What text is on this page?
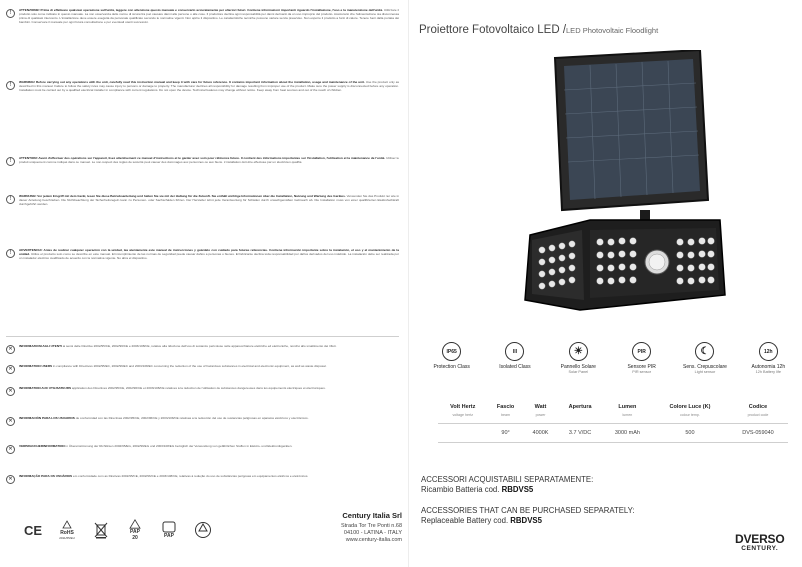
!	ATTENZIONE! Prima di effettuare qualsiasi operazione sull'unità, leggere con attenzione questo manuale e conservarlo accuratamente per ulteriori futuri. Contiene informazioni importanti riguardo l'installazione, l'uso e la manutenzione dell'unità. Utilizzare il prodotto solo come indicato in questo manuale. La non osservanza delle norme di sicurezza può causare danni alle persone o alle cose. Il produttore declina ogni responsabilità per danni derivanti da un uso improprio del prodotto. Assicurarsi che l'alimentazione sia disconnessa prima di qualsiasi intervento. L'installazione deve essere eseguita da personale qualificato secondo le normative vigenti. Non aprire il dispositivo. Le caratteristiche tecniche possono variare senza preavviso. Non esporre il prodotto a fonti di calore. Tenere fuori dalla portata dei bambini. Conservare il manuale per ogni futura consultazione e per eventuali utenti successivi.
!	WARNING! Before carrying out any operations with the unit, carefully read this instruction manual and keep it with care for future reference. It contains important information about the installation, usage and maintenance of the unit. Use the product only as described in this manual. Failure to follow the safety rules may cause injury to persons or damage to property. The manufacturer declines all responsibility for damage resulting from improper use of the product. Make sure the power supply is disconnected before any operation. Installation must be carried out by a qualified electrical installer in compliance with current regulations. Do not open the device. Technical features may change without notice. Keep away from heat sources and out of the reach of children.
!	ATTENTION! Avant d'effectuer des opérations sur l'appareil, lisez attentivement ce manuel d'instructions et le garder avec soin pour référence future. Il contient des informations importantes sur l'installation, l'utilisation et la maintenance de l'unité. Utiliser le produit uniquement comme indiqué dans ce manuel. Le non-respect des règles de sécurité peut causer des dommages aux personnes ou aux biens. L'installation doit être effectuée par un électricien qualifié.
!	WARNUNG! Vor jedem Eingriff mit dem Gerät, lesen Sie diese Betriebsanleitung und halten Sie sie mit der Haltung für die Zukunft. Sie enthält wichtige Informationen über die Installation, Nutzung und Wartung des Gerätes. Verwenden Sie das Produkt nur wie in dieser Anleitung beschrieben. Die Nichtbeachtung der Sicherheitsregeln kann zu Personen- oder Sachschäden führen. Der Hersteller lehnt jede Verantwortung für Schäden durch unsachgemäßen Gebrauch ab. Die Installation muss von einer qualifizierten Elektrofachkraft durchgeführt werden.
!	ADVERTENCIA! Antes de realizar cualquier operación con la unidad, lea atentamente este manual de instrucciones y guárdelo con cuidado para futuras referencias. Contiene información importante sobre la instalación, el uso y el mantenimiento de la unidad. Utilice el producto solo como se describe en este manual. El incumplimiento de las normas de seguridad puede causar daños a personas o bienes. El fabricante declina toda responsabilidad por daños derivados del uso indebido. La instalación debe ser realizada por un instalador eléctrico cualificado de acuerdo con la normativa vigente. No abra el dispositivo.
✕	INFORMAZIONI AGLI UTENTI ai sensi delle Direttive 2002/95/CE, 2002/96/CE e 2003/108/CE, relative alla riduzione dell'uso di sostanze pericolose nelle apparecchiature elettriche ed elettroniche, nonché allo smaltimento dei rifiuti.
✕	INFORMATION USERS in compliance with Directives 2002/95/EC, 2002/96/EC and 2003/108/EC concerning the reduction of the use of hazardous substances in electrical and electronic equipment, as well as waste disposal.
✕	INFORMATION AUX UTILISATEURS application des Directives 2002/95/CE, 2002/96/CE et 2003/108/CE relatives à la réduction de l'utilisation de substances dangereuses dans les équipements électriques et électroniques.
✕	INFORMACIÓN PARA LOS USUARIOS de conformidad con las Directivas 2002/95/CE, 2002/96/CE y 2003/108/CE relativas a la reducción del uso de sustancias peligrosas en aparatos eléctricos y electrónicos.
✕	VERBRAUCHERINFORMATION in Übereinstimmung der Richtlinien 2002/95/EG, 2002/96/EG und 2003/108/EG bezüglich der Verwendung von gefährlichen Stoffen in Elektro- und Elektronikgeräten.
✕	INFORMAÇÃO PARA OS USUÁRIOS em conformidade com as Diretivas 2002/95/CE, 2002/96/CE e 2003/108/CE, relativas à redução do uso de substâncias perigosas em equipamentos elétricos e eletrónicos.
CE	RoHS
2011/65/EU
PAP
20	PAP
Century Italia Srl
Strada Tor Tre Ponti n.68
04100 - LATINA - ITALY
www.century-italia.com
Proiettore Fotovoltaico LED /LED Photovoltaic Floodlight
IP65
Protection Class
III
Isolated Class
☀
Pannello Solare
Solar Panel
PIR
Sensore PIR
PIR sensor
☾
Sens. Crepuscolare
Light sensor
12h
Autonomia 12h
12h Battery life
Volt Hertz	Fascio	Watt	Apertura	Lumen	Colore Luce (K)	Codice
voltage hertz	beam	power		lumen	colour temp.	product code
	90°	4000K	3.7 V/DC	3000 mAh	500	DVS-059040
ACCESSORI ACQUISTABILI SEPARATAMENTE:
Ricambio Batteria cod. RBDVS5
ACCESSORIES THAT CAN BE PURCHASED SEPARATELY:
Replaceable Battery cod. RBDVS5
DVERSO
CENTURY.
